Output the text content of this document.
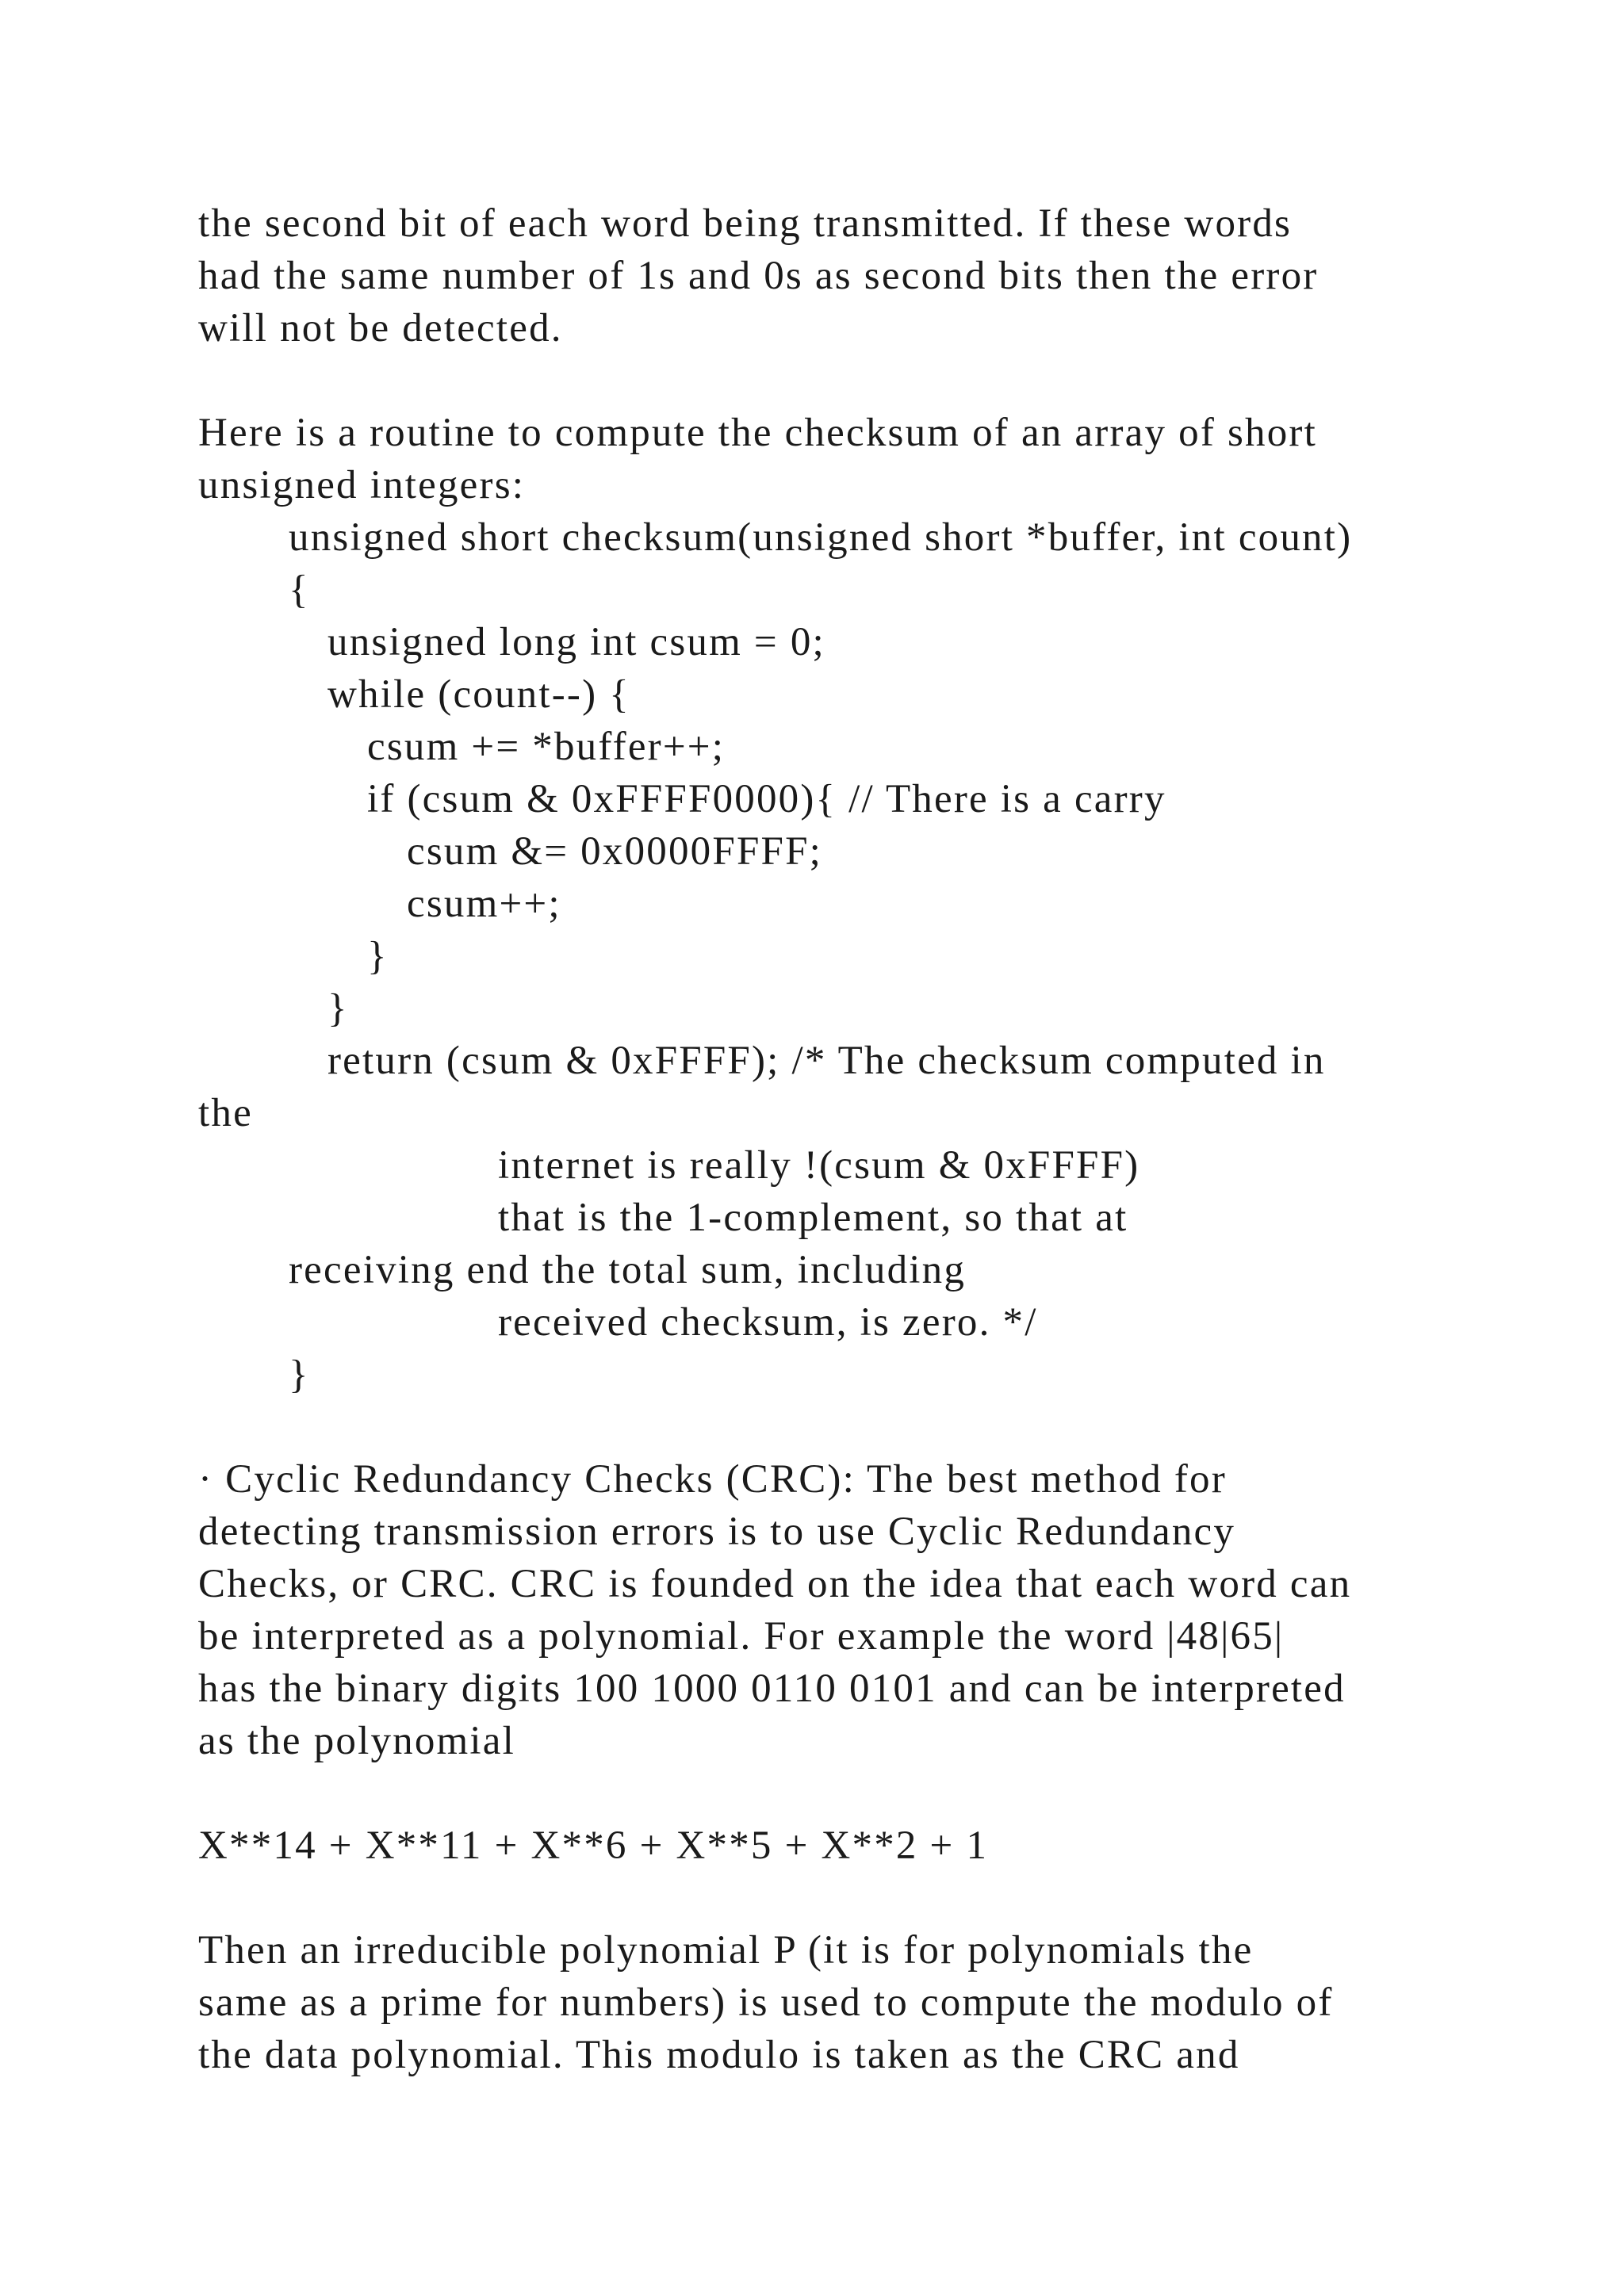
the second bit of each word being transmitted. If these words
had the same number of 1s and 0s as second bits then the error
will not be detected.
Here is a routine to compute the checksum of an array of short
unsigned integers:
unsigned short checksum(unsigned short *buffer, int count)
{
unsigned long int csum = 0;
while (count--) {
csum += *buffer++;
if (csum & 0xFFFF0000){ // There is a carry
csum &= 0x0000FFFF;
csum++;
}
}
return (csum & 0xFFFF); /* The checksum computed in
the
internet is really !(csum & 0xFFFF)
that is the 1-complement, so that at
receiving end the total sum, including
received checksum, is zero. */
}
· Cyclic Redundancy Checks (CRC): The best method for
detecting transmission errors is to use Cyclic Redundancy
Checks, or CRC. CRC is founded on the idea that each word can
be interpreted as a polynomial. For example the word |48|65|
has the binary digits 100 1000 0110 0101 and can be interpreted
as the polynomial
X**14 + X**11 + X**6 + X**5 + X**2 + 1
Then an irreducible polynomial P (it is for polynomials the
same as a prime for numbers) is used to compute the modulo of
the data polynomial. This modulo is taken as the CRC and
